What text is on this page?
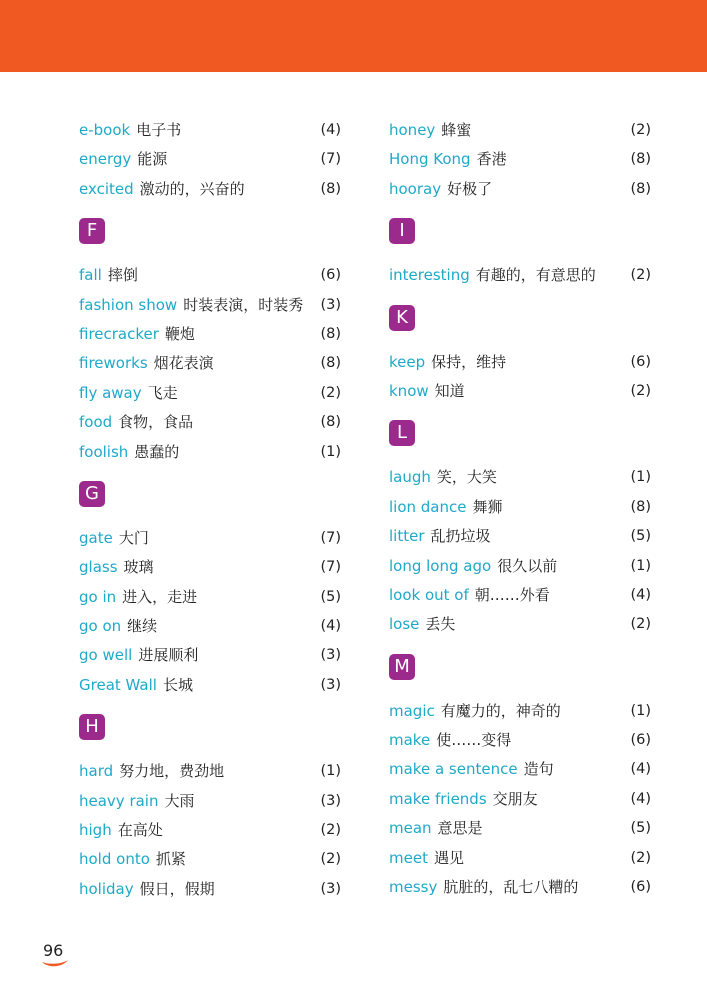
e-book 电子书	(4)
energy 能源	(7)
excited 激动的，兴奋的	(8)
F
fall 摔倒	(6)
fashion show 时装表演，时装秀 (3)
firecracker 鞭炮	(8)
fireworks 烟花表演	(8)
fly away 飞走	(2)
food 食物，食品	(8)
foolish 愚蠢的	(1)
G
gate 大门	(7)
glass 玻璃	(7)
go in 进入，走进	(5)
go on 继续	(4)
go well 进展顺利	(3)
Great Wall 长城	(3)
H
hard 努力地，费劲地	(1)
heavy rain 大雨	(3)
high 在高处	(2)
hold onto 抓紧	(2)
holiday 假日，假期	(3)
honey 蜂蜜	(2)
Hong Kong 香港	(8)
hooray 好极了	(8)
I
interesting 有趣的，有意思的 (2)
K
keep 保持，维持	(6)
know 知道	(2)
L
laugh 笑，大笑	(1)
lion dance 舞狮	(8)
litter 乱扔垃圾	(5)
long long ago 很久以前	(1)
look out of 朝……外看	(4)
lose 丢失	(2)
M
magic 有魔力的，神奇的	(1)
make 使……变得	(6)
make a sentence 造句	(4)
make friends 交朋友	(4)
mean 意思是	(5)
meet 遇见	(2)
messy 肮脏的，乱七八糟的	(6)
96
